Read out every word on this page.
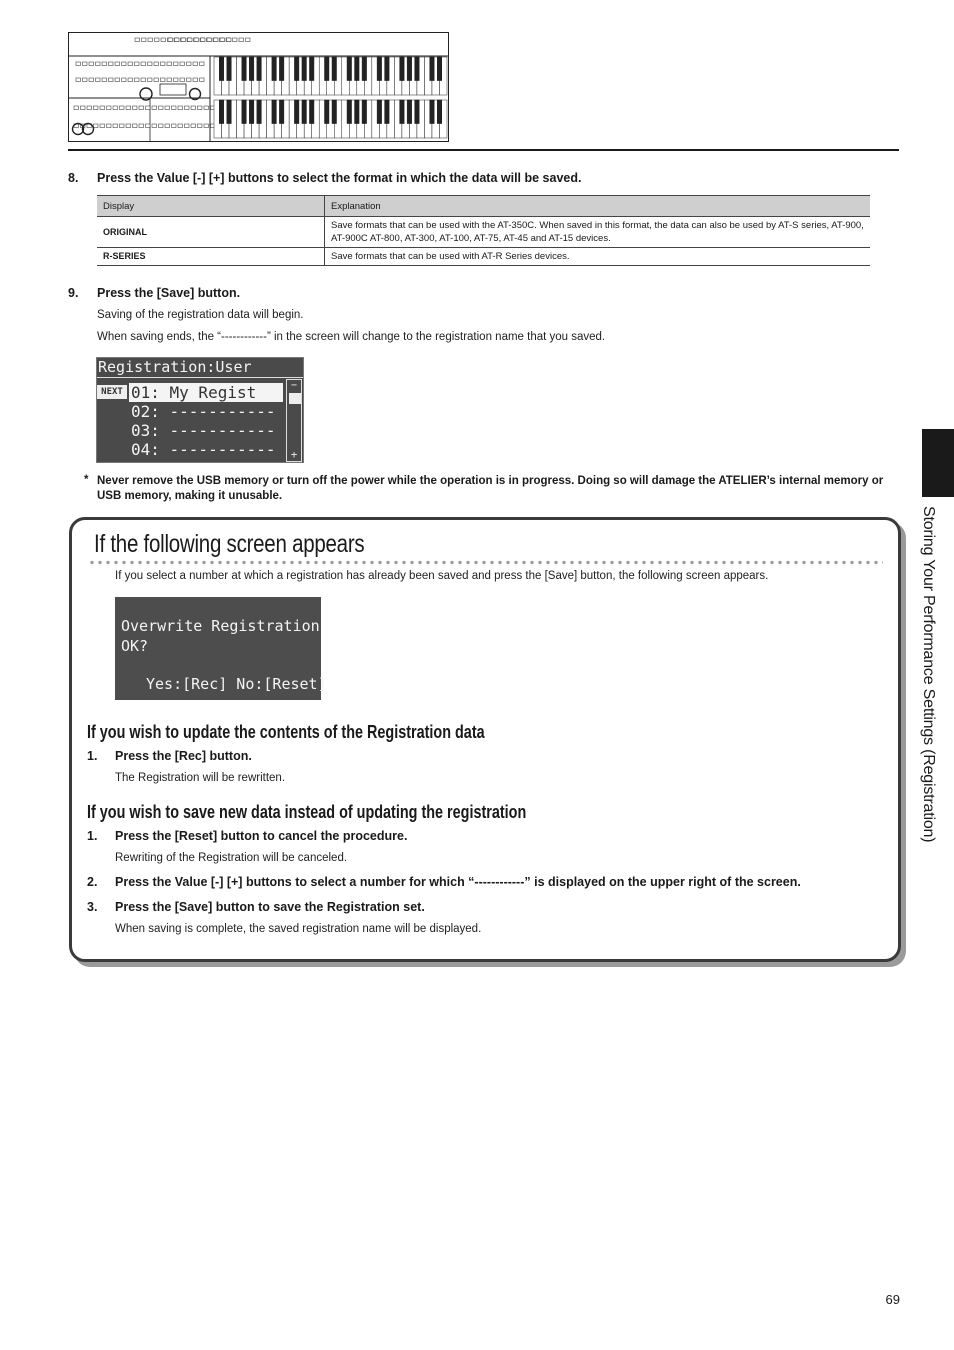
8. Press the Value [-] [+] buttons to select the format in which the data will be saved.
Display	Explanation
ORIGINAL	Save formats that can be used with the AT-350C. When saved in this format, the data can also be used by AT-S series, AT-900, AT-900C AT-800, AT-300, AT-100, AT-75, AT-45 and AT-15 devices.
R-SERIES	Save formats that can be used with AT-R Series devices.
9. Press the [Save] button.
Saving of the registration data will begin.
When saving ends, the “------------” in the screen will change to the registration name that you saved.
Registration:User
NEXT 01: My Regist
02: -----------
03: -----------
04: -----------
−
+
* Never remove the USB memory or turn off the power while the operation is in progress. Doing so will damage the ATELIER’s internal memory or USB memory, making it unusable.
If the following screen appears
If you select a number at which a registration has already been saved and press the [Save] button, the following screen appears.
Overwrite Registration
OK?
Yes:[Rec] No:[Reset]
If you wish to update the contents of the Registration data
1. Press the [Rec] button.
The Registration will be rewritten.
If you wish to save new data instead of updating the registration
1. Press the [Reset] button to cancel the procedure.
Rewriting of the Registration will be canceled.
2. Press the Value [-] [+] buttons to select a number for which “------------” is displayed on the upper right of the screen.
3. Press the [Save] button to save the Registration set.
When saving is complete, the saved registration name will be displayed.
Storing Your Performance Settings (Registration)
69
